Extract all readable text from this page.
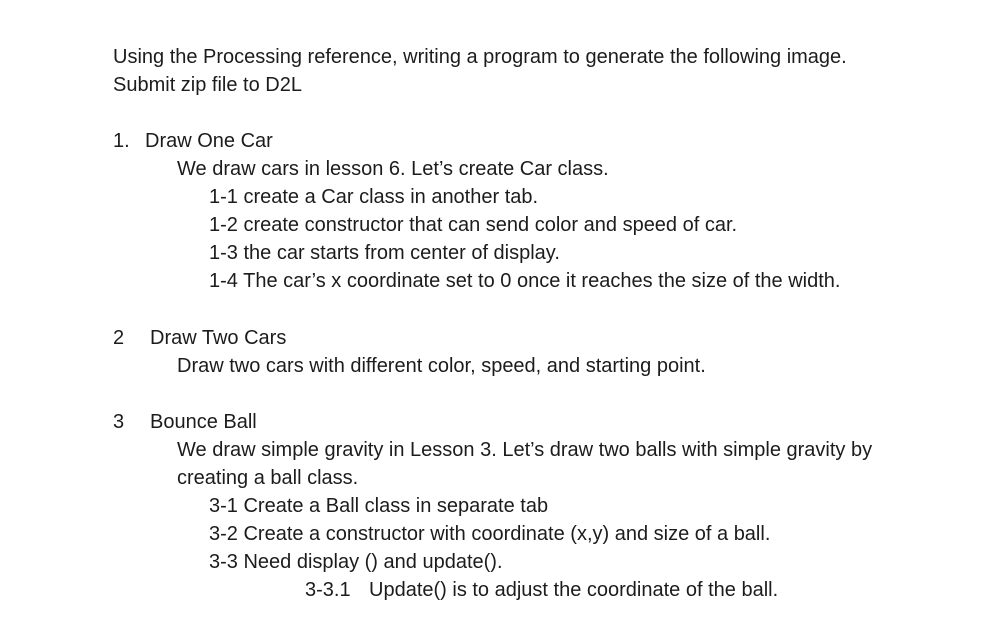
Using the Processing reference, writing a program to generate the following image.
Submit zip file to D2L
1. Draw One Car
We draw cars in lesson 6. Let’s create Car class.
1-1 create a Car class in another tab.
1-2 create constructor that can send color and speed of car.
1-3 the car starts from center of display.
1-4 The car’s x coordinate set to 0 once it reaches the size of the width.
2 Draw Two Cars
Draw two cars with different color, speed, and starting point.
3 Bounce Ball
We draw simple gravity in Lesson 3. Let’s draw two balls with simple gravity by
creating a ball class.
3-1 Create a Ball class in separate tab
3-2 Create a constructor with coordinate (x,y) and size of a ball.
3-3 Need display () and update().
3-3.1 Update() is to adjust the coordinate of the ball.
